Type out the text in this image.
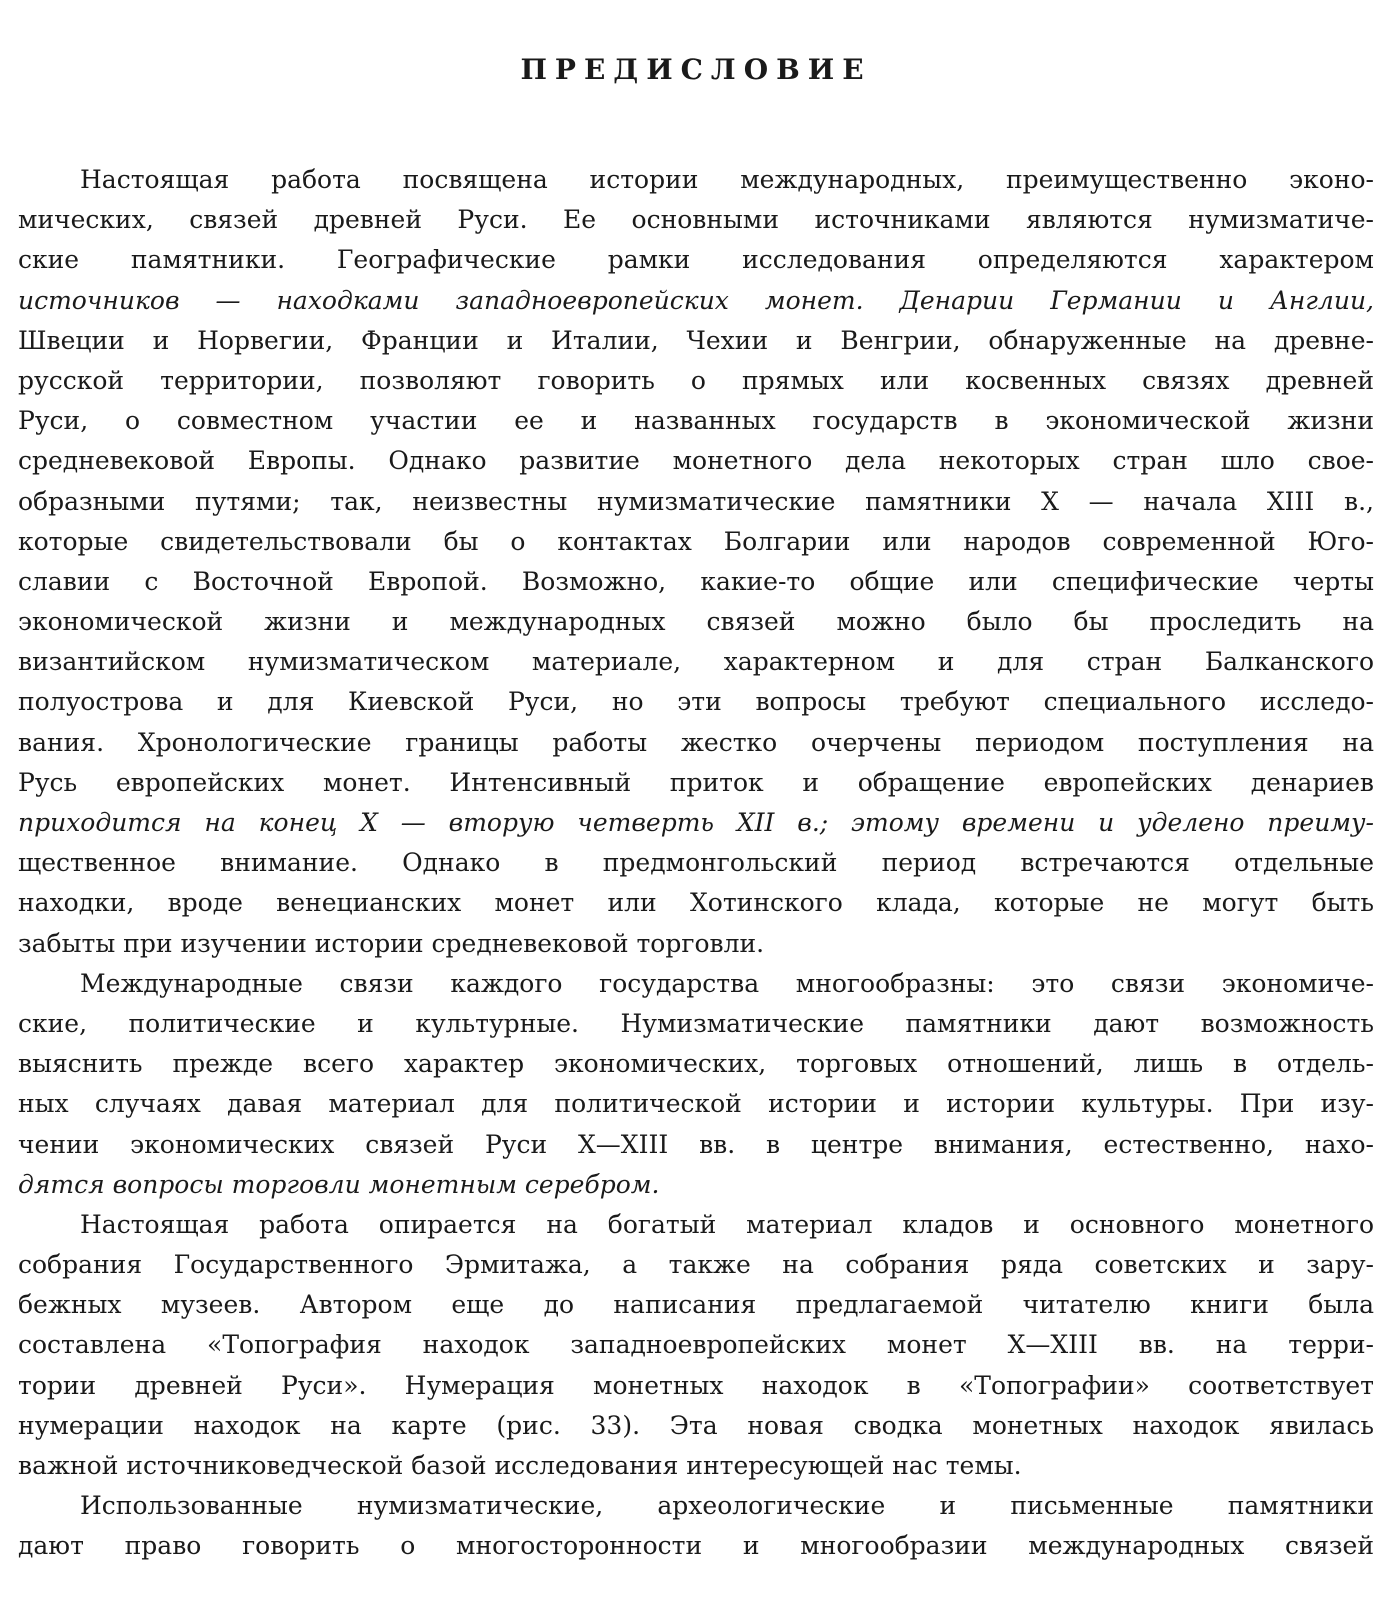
ПРЕДИСЛОВИЕ
Настоящая работа посвящена истории международных, преимущественно эконо-
мических, связей древней Руси. Ее основными источниками являются нумизматиче-
ские памятники. Географические рамки исследования определяются характером
источников — находками западноевропейских монет. Денарии Германии и Англии,
Швеции и Норвегии, Франции и Италии, Чехии и Венгрии, обнаруженные на древне-
русской территории, позволяют говорить о прямых или косвенных связях древней
Руси, о совместном участии ее и названных государств в экономической жизни
средневековой Европы. Однако развитие монетного дела некоторых стран шло свое-
образными путями; так, неизвестны нумизматические памятники X — начала XIII в.,
которые свидетельствовали бы о контактах Болгарии или народов современной Юго-
славии с Восточной Европой. Возможно, какие-то общие или специфические черты
экономической жизни и международных связей можно было бы проследить на
византийском нумизматическом материале, характерном и для стран Балканского
полуострова и для Киевской Руси, но эти вопросы требуют специального исследо-
вания. Хронологические границы работы жестко очерчены периодом поступления на
Русь европейских монет. Интенсивный приток и обращение европейских денариев
приходится на конец X — вторую четверть XII в.; этому времени и уделено преиму-
щественное внимание. Однако в предмонгольский период встречаются отдельные
находки, вроде венецианских монет или Хотинского клада, которые не могут быть
забыты при изучении истории средневековой торговли.
Международные связи каждого государства многообразны: это связи экономиче-
ские, политические и культурные. Нумизматические памятники дают возможность
выяснить прежде всего характер экономических, торговых отношений, лишь в отдель-
ных случаях давая материал для политической истории и истории культуры. При изу-
чении экономических связей Руси X—XIII вв. в центре внимания, естественно, нахо-
дятся вопросы торговли монетным серебром.
Настоящая работа опирается на богатый материал кладов и основного монетного
собрания Государственного Эрмитажа, а также на собрания ряда советских и зару-
бежных музеев. Автором еще до написания предлагаемой читателю книги была
составлена «Топография находок западноевропейских монет X—XIII вв. на терри-
тории древней Руси». Нумерация монетных находок в «Топографии» соответствует
нумерации находок на карте (рис. 33). Эта новая сводка монетных находок явилась
важной источниковедческой базой исследования интересующей нас темы.
Использованные нумизматические, археологические и письменные памятники
дают право говорить о многосторонности и многообразии международных связей
